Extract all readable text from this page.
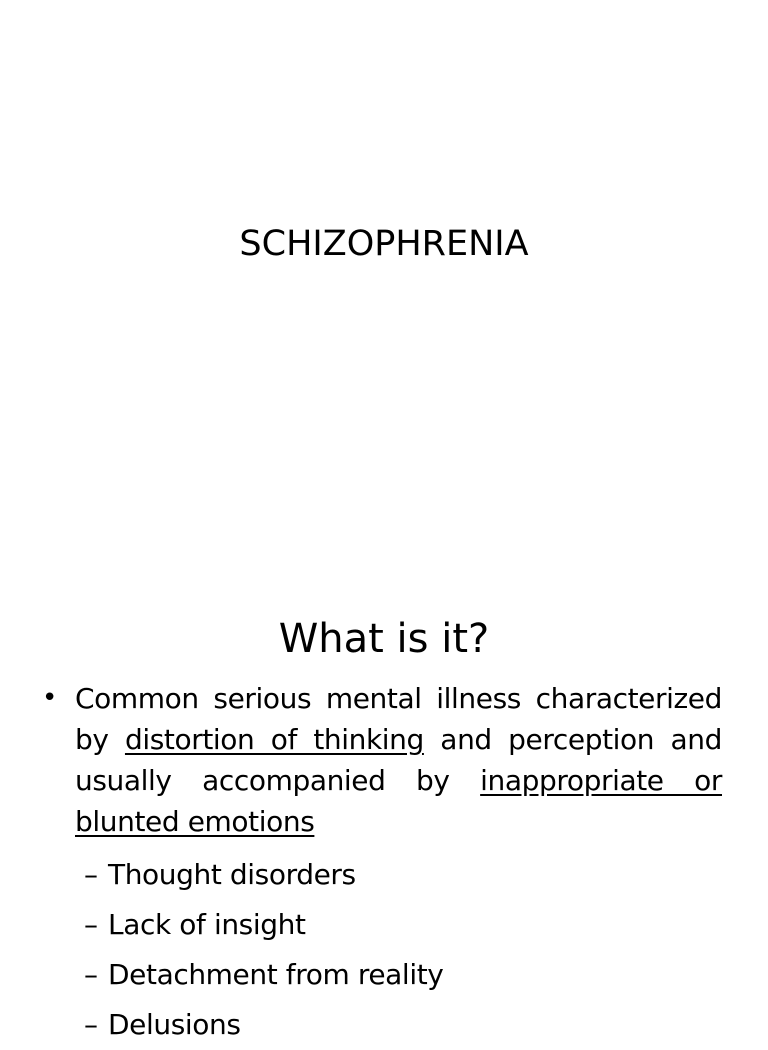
SCHIZOPHRENIA
What is it?
• Common serious mental illness characterized by distortion of thinking and perception and usually accompanied by inappropriate or blunted emotions
– Thought disorders
– Lack of insight
– Detachment from reality
– Delusions
